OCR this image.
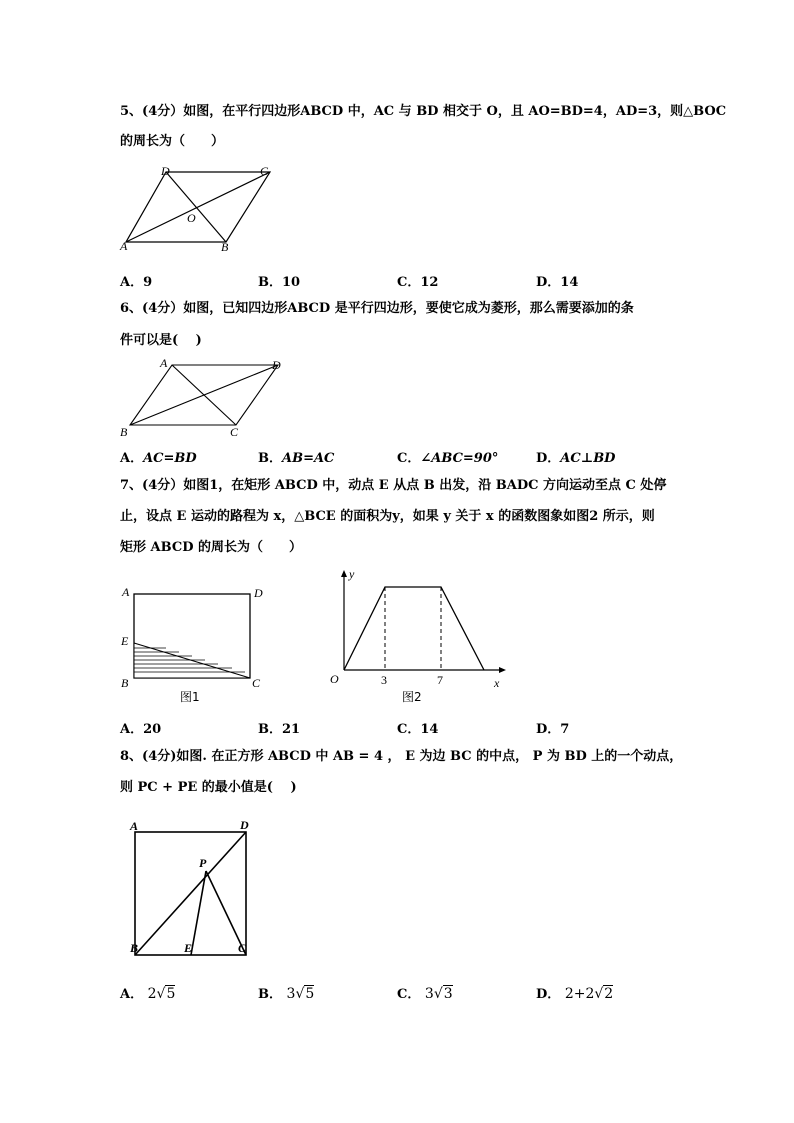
5、(4分）如图，在平行四边形ABCD 中，AC 与 BD 相交于 O，且 AO=BD=4，AD=3，则△BOC
的周长为（　　）
D	C
O
A	B
A．9	B．10	C．12	D．14
6、(4分）如图，已知四边形ABCD 是平行四边形，要使它成为菱形，那么需要添加的条
件可以是(　 )
A	D
B	C
A．AC=BD	B．AB=AC	C．∠ABC=90°	D．AC⊥BD
7、(4分）如图1，在矩形 ABCD 中，动点 E 从点 B 出发，沿 BADC 方向运动至点 C 处停
止，设点 E 运动的路程为 x，△BCE 的面积为y，如果 y 关于 x 的函数图象如图2 所示，则
矩形 ABCD 的周长为（　　）
A	D
E
B	C
图1
y
x
O	3	7
图2
A．20	B．21	C．14	D．7
8、(4分)如图. 在正方形 ABCD 中 AB = 4 ， E 为边 BC 的中点， P 为 BD 上的一个动点，
则 PC + PE 的最小值是(　 )
A	D
P
B	E	C
A． 2√5	B． 3√5	C． 3√3	D． 2+2√2
